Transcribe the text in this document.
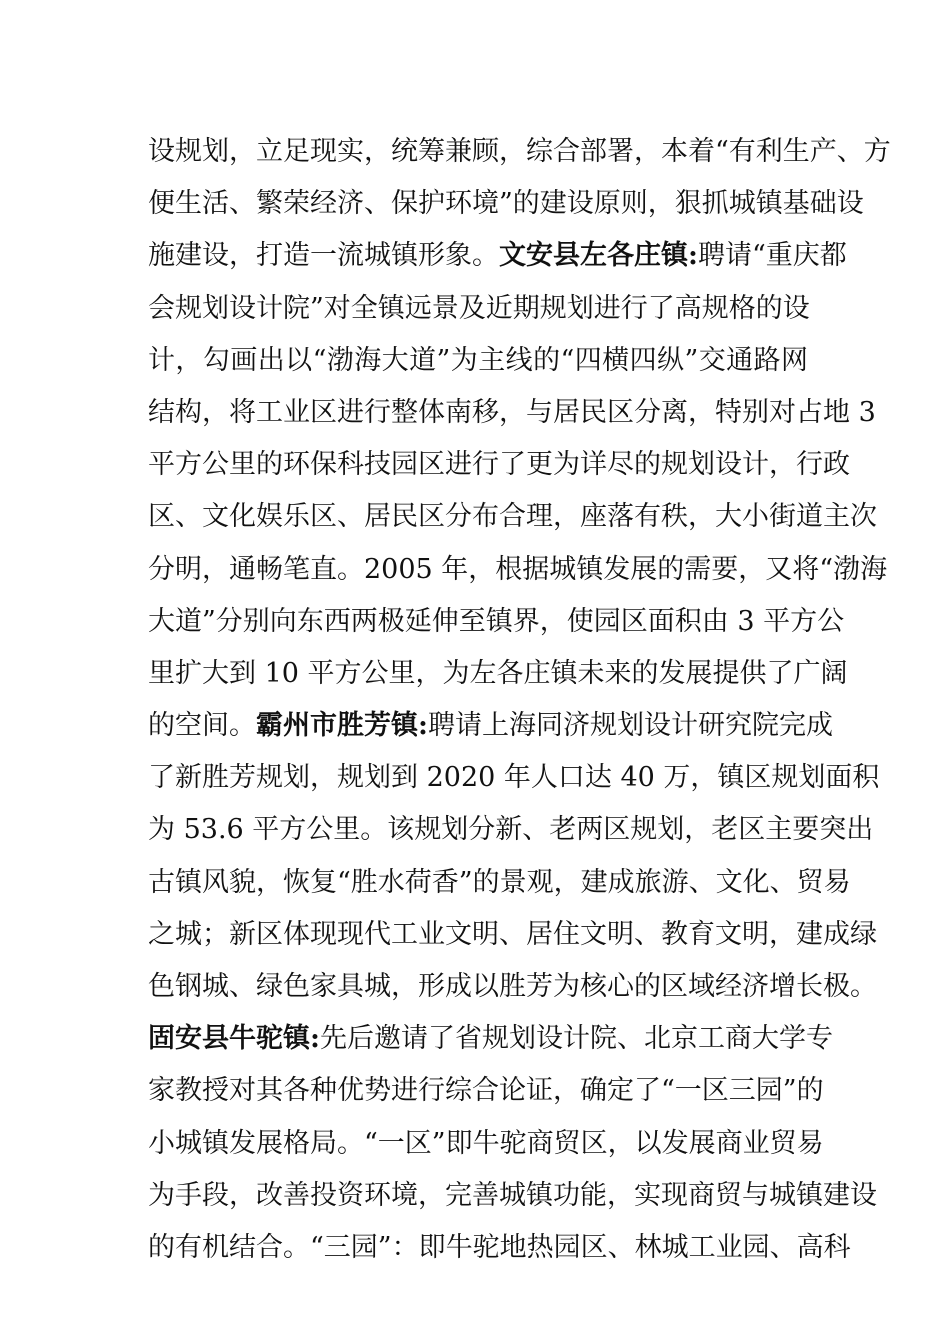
设规划，立足现实，统筹兼顾，综合部署，本着“有利生产、方
便生活、繁荣经济、保护环境”的建设原则，狠抓城镇基础设
施建设，打造一流城镇形象。文安县左各庄镇:聘请“重庆都
会规划设计院”对全镇远景及近期规划进行了高规格的设
计，勾画出以“渤海大道”为主线的“四横四纵”交通路网
结构，将工业区进行整体南移，与居民区分离，特别对占地 3
平方公里的环保科技园区进行了更为详尽的规划设计，行政
区、文化娱乐区、居民区分布合理，座落有秩，大小街道主次
分明，通畅笔直。2005 年，根据城镇发展的需要，又将“渤海
大道”分别向东西两极延伸至镇界，使园区面积由 3 平方公
里扩大到 10 平方公里，为左各庄镇未来的发展提供了广阔
的空间。霸州市胜芳镇:聘请上海同济规划设计研究院完成
了新胜芳规划，规划到 2020 年人口达 40 万，镇区规划面积
为 53.6 平方公里。该规划分新、老两区规划，老区主要突出
古镇风貌，恢复“胜水荷香”的景观，建成旅游、文化、贸易
之城；新区体现现代工业文明、居住文明、教育文明，建成绿
色钢城、绿色家具城，形成以胜芳为核心的区域经济增长极。
固安县牛驼镇:先后邀请了省规划设计院、北京工商大学专
家教授对其各种优势进行综合论证，确定了“一区三园”的
小城镇发展格局。“一区”即牛驼商贸区，以发展商业贸易
为手段，改善投资环境，完善城镇功能，实现商贸与城镇建设
的有机结合。“三园”：即牛驼地热园区、林城工业园、高科
